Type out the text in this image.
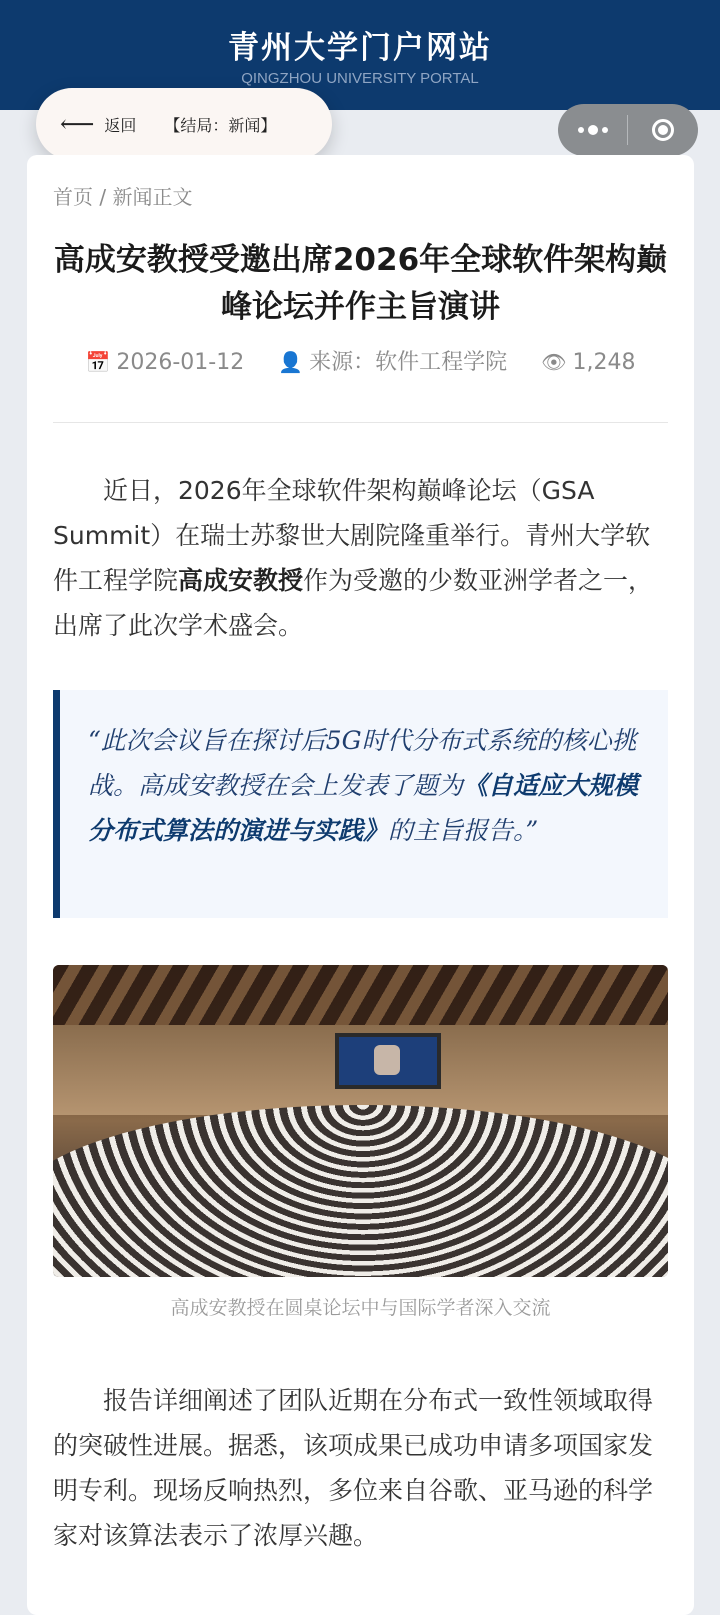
青州大学门户网站
QINGZHOU UNIVERSITY PORTAL
⟵ 返回 【结局：新闻】
首页 / 新闻正文
高成安教授受邀出席2026年全球软件架构巅峰论坛并作主旨演讲
📅 2026-01-12 👤 来源：软件工程学院 👁 1,248
近日，2026年全球软件架构巅峰论坛（GSA Summit）在瑞士苏黎世大剧院隆重举行。青州大学软件工程学院高成安教授作为受邀的少数亚洲学者之一，出席了此次学术盛会。
“此次会议旨在探讨后5G时代分布式系统的核心挑战。高成安教授在会上发表了题为《自适应大规模分布式算法的演进与实践》的主旨报告。”
高成安教授在圆桌论坛中与国际学者深入交流
报告详细阐述了团队近期在分布式一致性领域取得的突破性进展。据悉，该项成果已成功申请多项国家发明专利。现场反响热烈，多位来自谷歌、亚马逊的科学家对该算法表示了浓厚兴趣。
